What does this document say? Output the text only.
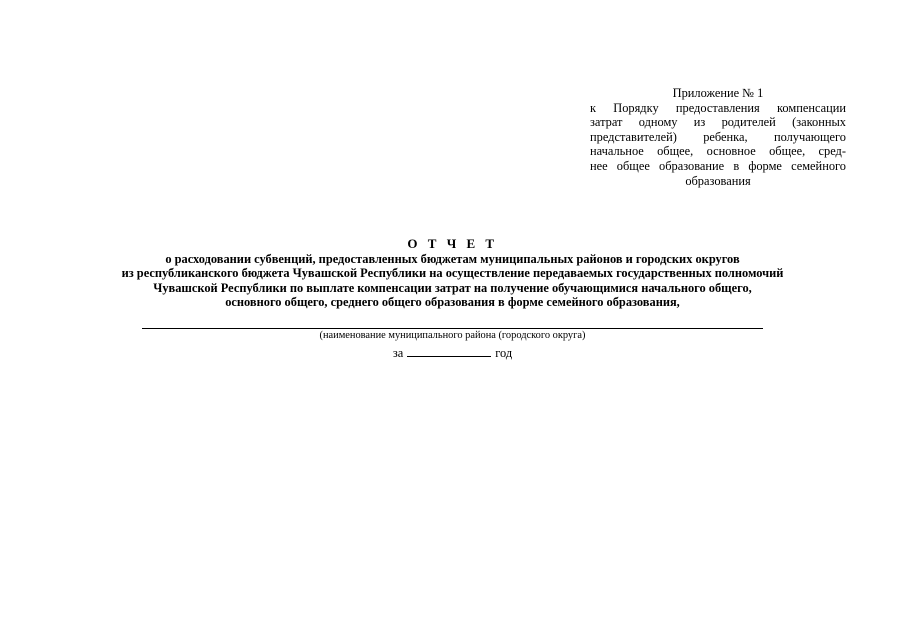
Приложение № 1

к Порядку предоставления компенсации
затрат одному из родителей (законных
представителей) ребенка, получающего
начальное общее, основное общее, сред-
нее общее образование в форме семейного
образования

О Т Ч Е Т

о расходовании субвенций, предоставленных бюджетам муниципальных районов и городских округов

из республиканского бюджета Чувашской Республики на осуществление передаваемых государственных полномочий

Чувашской Республики по выплате компенсации затрат на получение обучающимися начального общего,

основного общего, среднего общего образования в форме семейного образования,

(наименование муниципального района (городского округа)
за	год
